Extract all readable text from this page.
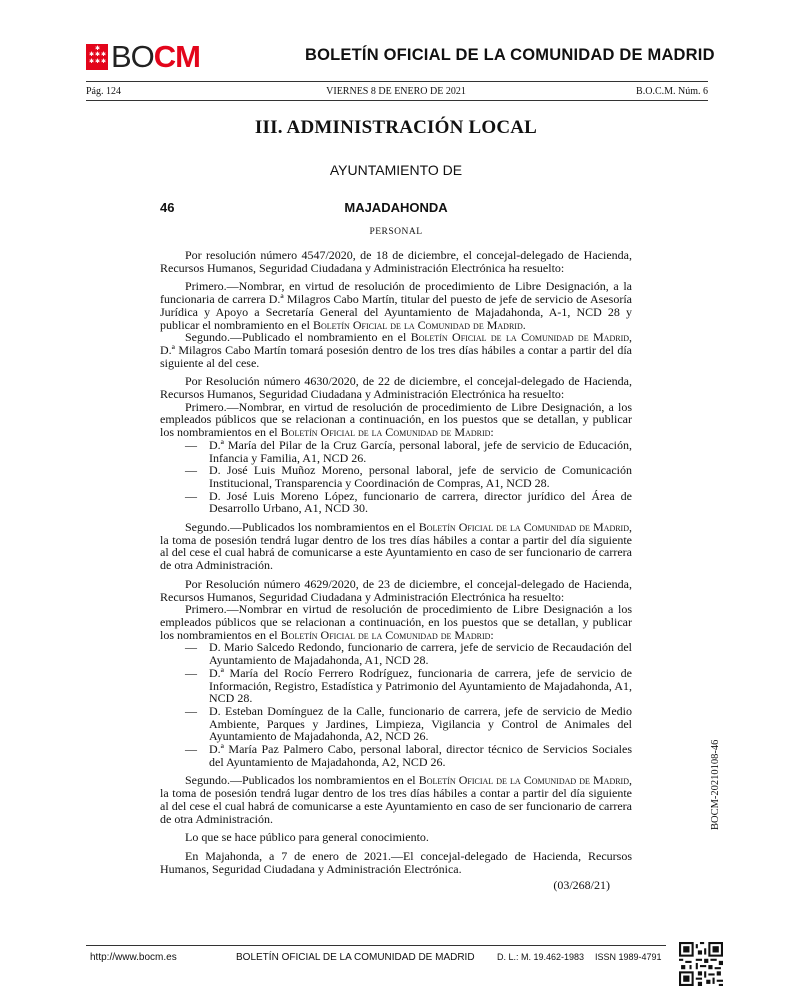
✱ ✱ ✱
✱ ✱ ✱
✱ BOCM	BOLETÍN OFICIAL DE LA COMUNIDAD DE MADRID
Pág. 124	VIERNES 8 DE ENERO DE 2021	B.O.C.M. Núm. 6
III. ADMINISTRACIÓN LOCAL
AYUNTAMIENTO DE
46	MAJADAHONDA
PERSONAL

Por resolución número 4547/2020, de 18 de diciembre, el concejal-delegado de Hacienda, Recursos Humanos, Seguridad Ciudadana y Administración Electrónica ha resuelto:

Primero.—Nombrar, en virtud de resolución de procedimiento de Libre Designación, a la funcionaria de carrera D.ª Milagros Cabo Martín, titular del puesto de jefe de servicio de Asesoría Jurídica y Apoyo a Secretaría General del Ayuntamiento de Majadahonda, A-1, NCD 28 y publicar el nombramiento en el Boletín Oficial de la Comunidad de Madrid.

Segundo.—Publicado el nombramiento en el Boletín Oficial de la Comunidad de Madrid, D.ª Milagros Cabo Martín tomará posesión dentro de los tres días hábiles a contar a partir del día siguiente al del cese.

Por Resolución número 4630/2020, de 22 de diciembre, el concejal-delegado de Hacienda, Recursos Humanos, Seguridad Ciudadana y Administración Electrónica ha resuelto:

Primero.—Nombrar, en virtud de resolución de procedimiento de Libre Designación, a los empleados públicos que se relacionan a continuación, en los puestos que se detallan, y publicar los nombramientos en el Boletín Oficial de la Comunidad de Madrid:

—	D.ª María del Pilar de la Cruz García, personal laboral, jefe de servicio de Educación, Infancia y Familia, A1, NCD 26.
—	D. José Luis Muñoz Moreno, personal laboral, jefe de servicio de Comunicación Institucional, Transparencia y Coordinación de Compras, A1, NCD 28.
—	D. José Luis Moreno López, funcionario de carrera, director jurídico del Área de Desarrollo Urbano, A1, NCD 30.

Segundo.—Publicados los nombramientos en el Boletín Oficial de la Comunidad de Madrid, la toma de posesión tendrá lugar dentro de los tres días hábiles a contar a partir del día siguiente al del cese el cual habrá de comunicarse a este Ayuntamiento en caso de ser funcionario de carrera de otra Administración.

Por Resolución número 4629/2020, de 23 de diciembre, el concejal-delegado de Hacienda, Recursos Humanos, Seguridad Ciudadana y Administración Electrónica ha resuelto:

Primero.—Nombrar en virtud de resolución de procedimiento de Libre Designación a los empleados públicos que se relacionan a continuación, en los puestos que se detallan, y publicar los nombramientos en el Boletín Oficial de la Comunidad de Madrid:

—	D. Mario Salcedo Redondo, funcionario de carrera, jefe de servicio de Recaudación del Ayuntamiento de Majadahonda, A1, NCD 28.
—	D.ª María del Rocío Ferrero Rodríguez, funcionaria de carrera, jefe de servicio de Información, Registro, Estadística y Patrimonio del Ayuntamiento de Majadahonda, A1, NCD 28.
—	D. Esteban Domínguez de la Calle, funcionario de carrera, jefe de servicio de Medio Ambiente, Parques y Jardines, Limpieza, Vigilancia y Control de Animales del Ayuntamiento de Majadahonda, A2, NCD 26.
—	D.ª María Paz Palmero Cabo, personal laboral, director técnico de Servicios Sociales del Ayuntamiento de Majadahonda, A2, NCD 26.

Segundo.—Publicados los nombramientos en el Boletín Oficial de la Comunidad de Madrid, la toma de posesión tendrá lugar dentro de los tres días hábiles a contar a partir del día siguiente al del cese el cual habrá de comunicarse a este Ayuntamiento en caso de ser funcionario de carrera de otra Administración.

Lo que se hace público para general conocimiento.

En Majahonda, a 7 de enero de 2021.—El concejal-delegado de Hacienda, Recursos Humanos, Seguridad Ciudadana y Administración Electrónica.

(03/268/21)
http://www.bocm.es	BOLETÍN OFICIAL DE LA COMUNIDAD DE MADRID D. L.: M. 19.462-1983 ISSN 1989-4791
BOCM-20210108-46
